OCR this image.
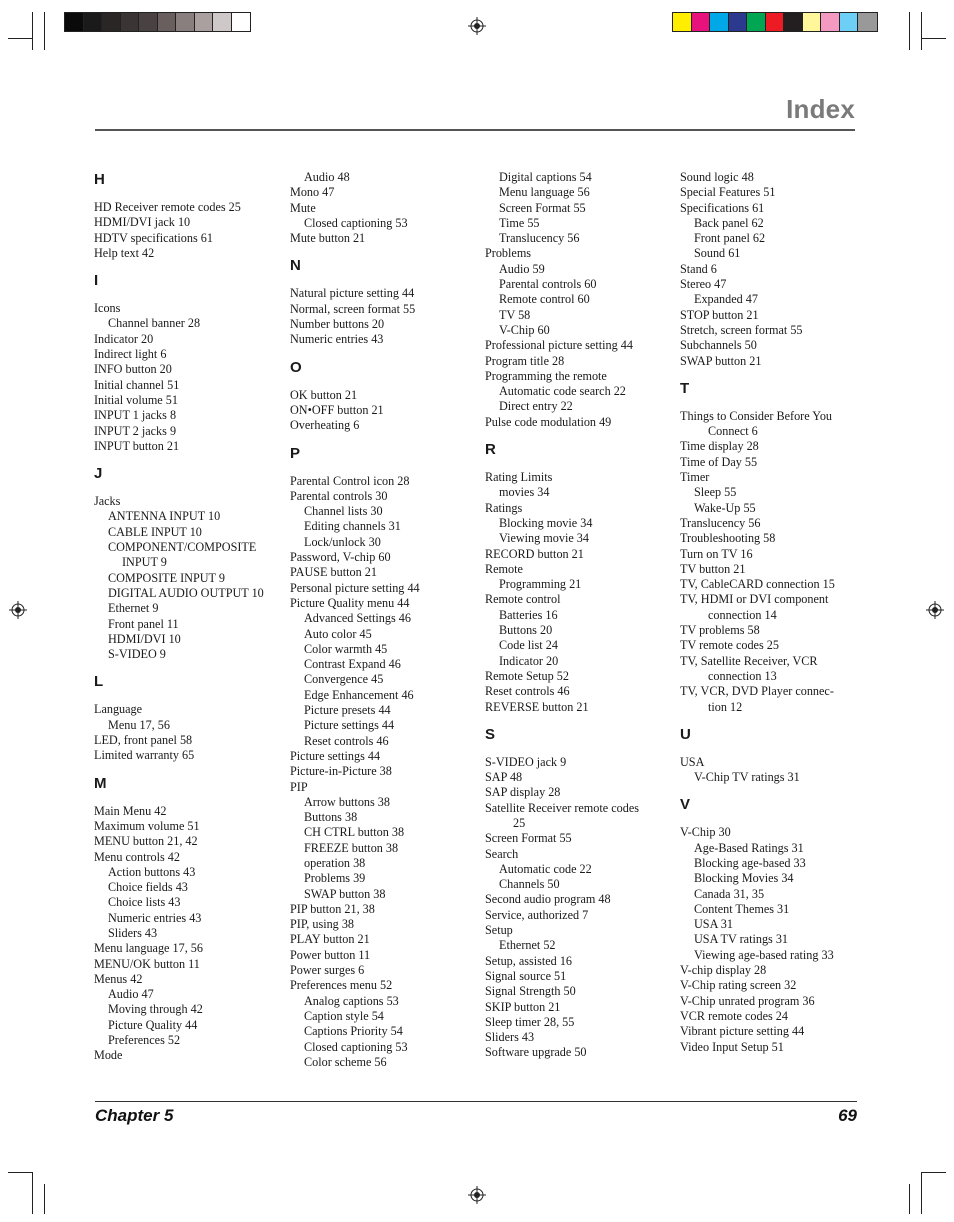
Index
H
HD Receiver remote codes 25
HDMI/DVI jack 10
HDTV specifications 61
Help text 42
I
Icons
Channel banner 28
Indicator 20
Indirect light 6
INFO button 20
Initial channel 51
Initial volume 51
INPUT 1 jacks 8
INPUT 2 jacks 9
INPUT button 21
J
Jacks
ANTENNA INPUT 10
CABLE INPUT 10
COMPONENT/COMPOSITE
INPUT 9
COMPOSITE INPUT 9
DIGITAL AUDIO OUTPUT 10
Ethernet 9
Front panel 11
HDMI/DVI 10
S-VIDEO 9
L
Language
Menu 17, 56
LED, front panel 58
Limited warranty 65
M
Main Menu 42
Maximum volume 51
MENU button 21, 42
Menu controls 42
Action buttons 43
Choice fields 43
Choice lists 43
Numeric entries 43
Sliders 43
Menu language 17, 56
MENU/OK button 11
Menus 42
Audio 47
Moving through 42
Picture Quality 44
Preferences 52
Mode
Audio 48
Mono 47
Mute
Closed captioning 53
Mute button 21
N
Natural picture setting 44
Normal, screen format 55
Number buttons 20
Numeric entries 43
O
OK button 21
ON•OFF button 21
Overheating 6
P
Parental Control icon 28
Parental controls 30
Channel lists 30
Editing channels 31
Lock/unlock 30
Password, V-chip 60
PAUSE button 21
Personal picture setting 44
Picture Quality menu 44
Advanced Settings 46
Auto color 45
Color warmth 45
Contrast Expand 46
Convergence 45
Edge Enhancement 46
Picture presets 44
Picture settings 44
Reset controls 46
Picture settings 44
Picture-in-Picture 38
PIP
Arrow buttons 38
Buttons 38
CH CTRL button 38
FREEZE button 38
operation 38
Problems 39
SWAP button 38
PIP button 21, 38
PIP, using 38
PLAY button 21
Power button 11
Power surges 6
Preferences menu 52
Analog captions 53
Caption style 54
Captions Priority 54
Closed captioning 53
Color scheme 56
Digital captions 54
Menu language 56
Screen Format 55
Time 55
Translucency 56
Problems
Audio 59
Parental controls 60
Remote control 60
TV 58
V-Chip 60
Professional picture setting 44
Program title 28
Programming the remote
Automatic code search 22
Direct entry 22
Pulse code modulation 49
R
Rating Limits
movies 34
Ratings
Blocking movie 34
Viewing movie 34
RECORD button 21
Remote
Programming 21
Remote control
Batteries 16
Buttons 20
Code list 24
Indicator 20
Remote Setup 52
Reset controls 46
REVERSE button 21
S
S-VIDEO jack 9
SAP 48
SAP display 28
Satellite Receiver remote codes
25
Screen Format 55
Search
Automatic code 22
Channels 50
Second audio program 48
Service, authorized 7
Setup
Ethernet 52
Setup, assisted 16
Signal source 51
Signal Strength 50
SKIP button 21
Sleep timer 28, 55
Sliders 43
Software upgrade 50
Sound logic 48
Special Features 51
Specifications 61
Back panel 62
Front panel 62
Sound 61
Stand 6
Stereo 47
Expanded 47
STOP button 21
Stretch, screen format 55
Subchannels 50
SWAP button 21
T
Things to Consider Before You
Connect 6
Time display 28
Time of Day 55
Timer
Sleep 55
Wake-Up 55
Translucency 56
Troubleshooting 58
Turn on TV 16
TV button 21
TV, CableCARD connection 15
TV, HDMI or DVI component
connection 14
TV problems 58
TV remote codes 25
TV, Satellite Receiver, VCR
connection 13
TV, VCR, DVD Player connec-
tion 12
U
USA
V-Chip TV ratings 31
V
V-Chip 30
Age-Based Ratings 31
Blocking age-based 33
Blocking Movies 34
Canada 31, 35
Content Themes 31
USA 31
USA TV ratings 31
Viewing age-based rating 33
V-chip display 28
V-Chip rating screen 32
V-Chip unrated program 36
VCR remote codes 24
Vibrant picture setting 44
Video Input Setup 51
Chapter 5	69
